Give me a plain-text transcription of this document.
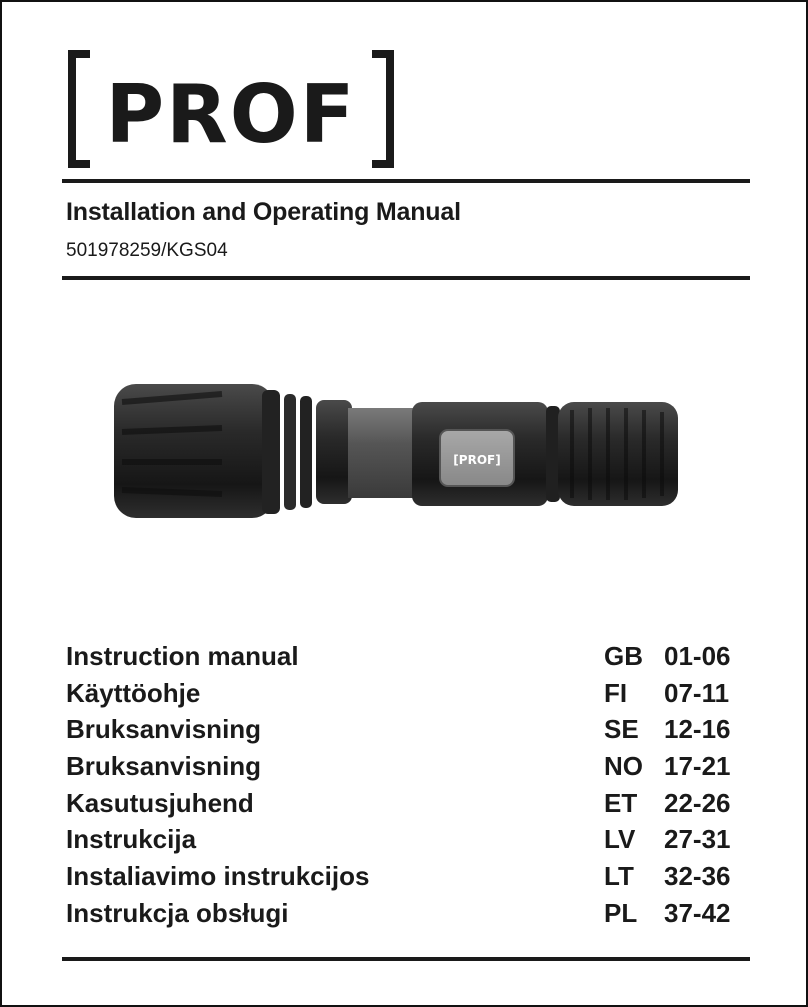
PROF
Installation and Operating Manual
501978259/KGS04
[PROF]
Instruction manual	GB 01-06
Käyttöohje	FI 07-11
Bruksanvisning	SE 12-16
Bruksanvisning	NO 17-21
Kasutusjuhend	ET 22-26
Instrukcija	LV 27-31
Instaliavimo instrukcijos	LT 32-36
Instrukcja obsługi	PL 37-42
